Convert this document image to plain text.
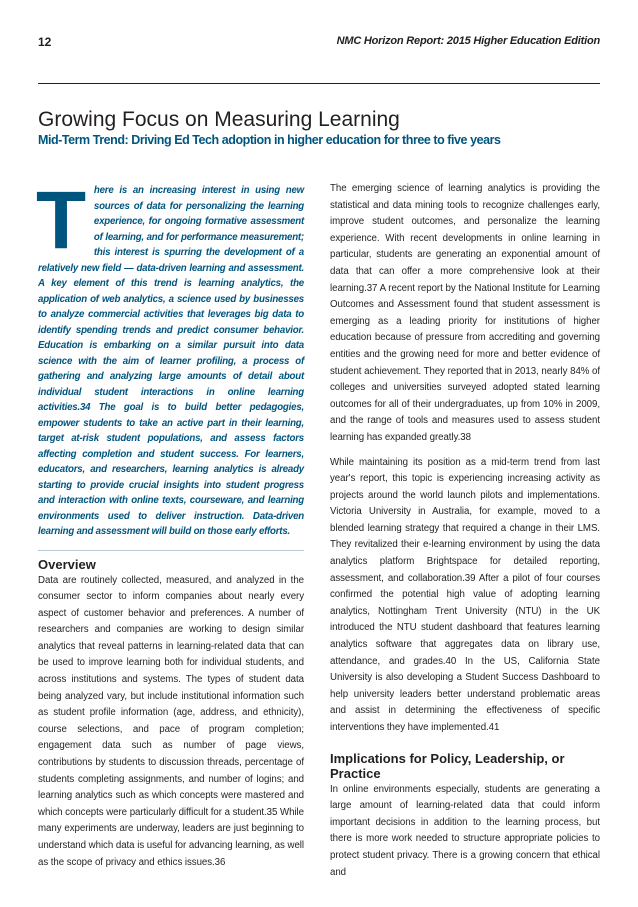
12	NMC Horizon Report: 2015 Higher Education Edition
Growing Focus on Measuring Learning
Mid-Term Trend: Driving Ed Tech adoption in higher education for three to five years

There is an increasing interest in using new sources of data for personalizing the learning experience, for ongoing formative assessment of learning, and for performance measurement; this interest is spurring the development of a relatively new field — data-driven learning and assessment. A key element of this trend is learning analytics, the application of web analytics, a science used by businesses to analyze commercial activities that leverages big data to identify spending trends and predict consumer behavior. Education is embarking on a similar pursuit into data science with the aim of learner profiling, a process of gathering and analyzing large amounts of detail about individual student interactions in online learning activities.34 The goal is to build better pedagogies, empower students to take an active part in their learning, target at-risk student populations, and assess factors affecting completion and student success. For learners, educators, and researchers, learning analytics is already starting to provide crucial insights into student progress and interaction with online texts, courseware, and learning environments used to deliver instruction. Data-driven learning and assessment will build on those early efforts.

Overview

Data are routinely collected, measured, and analyzed in the consumer sector to inform companies about nearly every aspect of customer behavior and preferences. A number of researchers and companies are working to design similar analytics that reveal patterns in learning-related data that can be used to improve learning both for individual students, and across institutions and systems. The types of student data being analyzed vary, but include institutional information such as student profile information (age, address, and ethnicity), course selections, and pace of program completion; engagement data such as number of page views, contributions by students to discussion threads, percentage of students completing assignments, and number of logins; and learning analytics such as which concepts were mastered and which concepts were particularly difficult for a student.35 While many experiments are underway, leaders are just beginning to understand which data is useful for advancing learning, as well as the scope of privacy and ethics issues.36

The emerging science of learning analytics is providing the statistical and data mining tools to recognize challenges early, improve student outcomes, and personalize the learning experience. With recent developments in online learning in particular, students are generating an exponential amount of data that can offer a more comprehensive look at their learning.37 A recent report by the National Institute for Learning Outcomes and Assessment found that student assessment is emerging as a leading priority for institutions of higher education because of pressure from accrediting and governing entities and the growing need for more and better evidence of student achievement. They reported that in 2013, nearly 84% of colleges and universities surveyed adopted stated learning outcomes for all of their undergraduates, up from 10% in 2009, and the range of tools and measures used to assess student learning has expanded greatly.38

While maintaining its position as a mid-term trend from last year's report, this topic is experiencing increasing activity as projects around the world launch pilots and implementations. Victoria University in Australia, for example, moved to a blended learning strategy that required a change in their LMS. They revitalized their e-learning environment by using the data analytics platform Brightspace for detailed reporting, assessment, and collaboration.39 After a pilot of four courses confirmed the potential high value of adopting learning analytics, Nottingham Trent University (NTU) in the UK introduced the NTU student dashboard that features learning analytics software that aggregates data on library use, attendance, and grades.40 In the US, California State University is also developing a Student Success Dashboard to help university leaders better understand problematic areas and assist in determining the effectiveness of specific interventions they have implemented.41

Implications for Policy, Leadership, or Practice

In online environments especially, students are generating a large amount of learning-related data that could inform important decisions in addition to the learning process, but there is more work needed to structure appropriate policies to protect student privacy. There is a growing concern that ethical and
